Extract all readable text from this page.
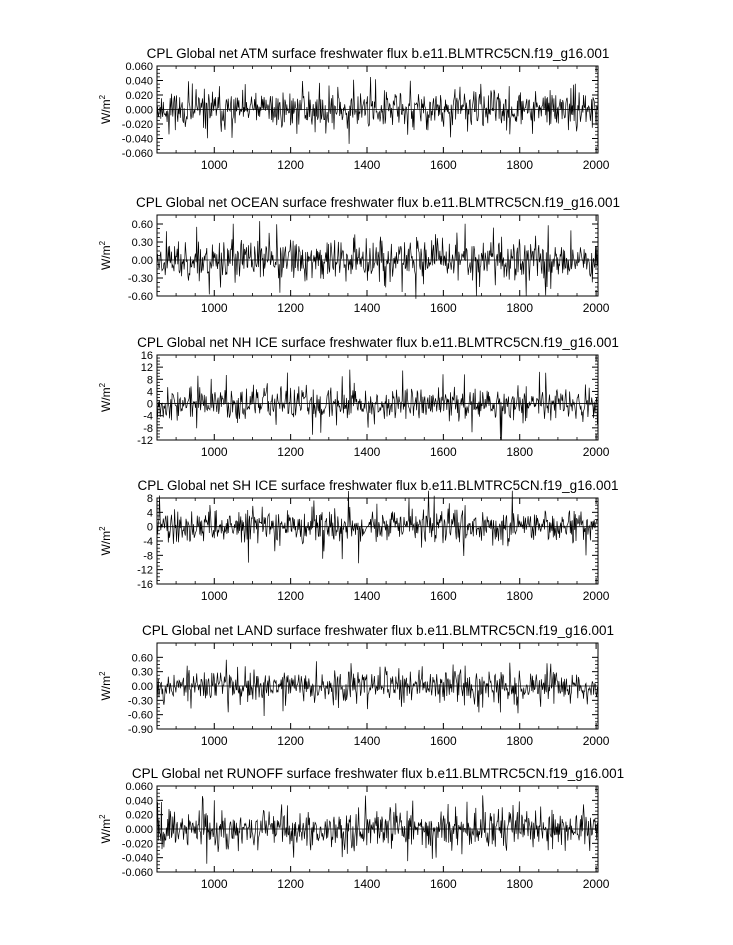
CPL Global net ATM surface freshwater flux b.e11.BLMTRC5CN.f19_g16.001
$W/m^2$
1000	1200	1400	1600	1800	2000
-0.060
-0.040
-0.020
0.000
0.020
0.040
0.060
CPL Global net OCEAN surface freshwater flux b.e11.BLMTRC5CN.f19_g16.001
$W/m^2$
1000	1200	1400	1600	1800	2000
-0.60
-0.30
0.00
0.30
0.60
CPL Global net NH ICE surface freshwater flux b.e11.BLMTRC5CN.f19_g16.001
$W/m^2$
1000	1200	1400	1600	1800	2000
-12
-8
-4
0
4
8
12
16
CPL Global net SH ICE surface freshwater flux b.e11.BLMTRC5CN.f19_g16.001
$W/m^2$
1000	1200	1400	1600	1800	2000
-16
-12
-8
-4
0
4
8
CPL Global net LAND surface freshwater flux b.e11.BLMTRC5CN.f19_g16.001
$W/m^2$
1000	1200	1400	1600	1800	2000
-0.90
-0.60
-0.30
0.00
0.30
0.60
CPL Global net RUNOFF surface freshwater flux b.e11.BLMTRC5CN.f19_g16.001
$W/m^2$
1000	1200	1400	1600	1800	2000
-0.060
-0.040
-0.020
0.000
0.020
0.040
0.060
